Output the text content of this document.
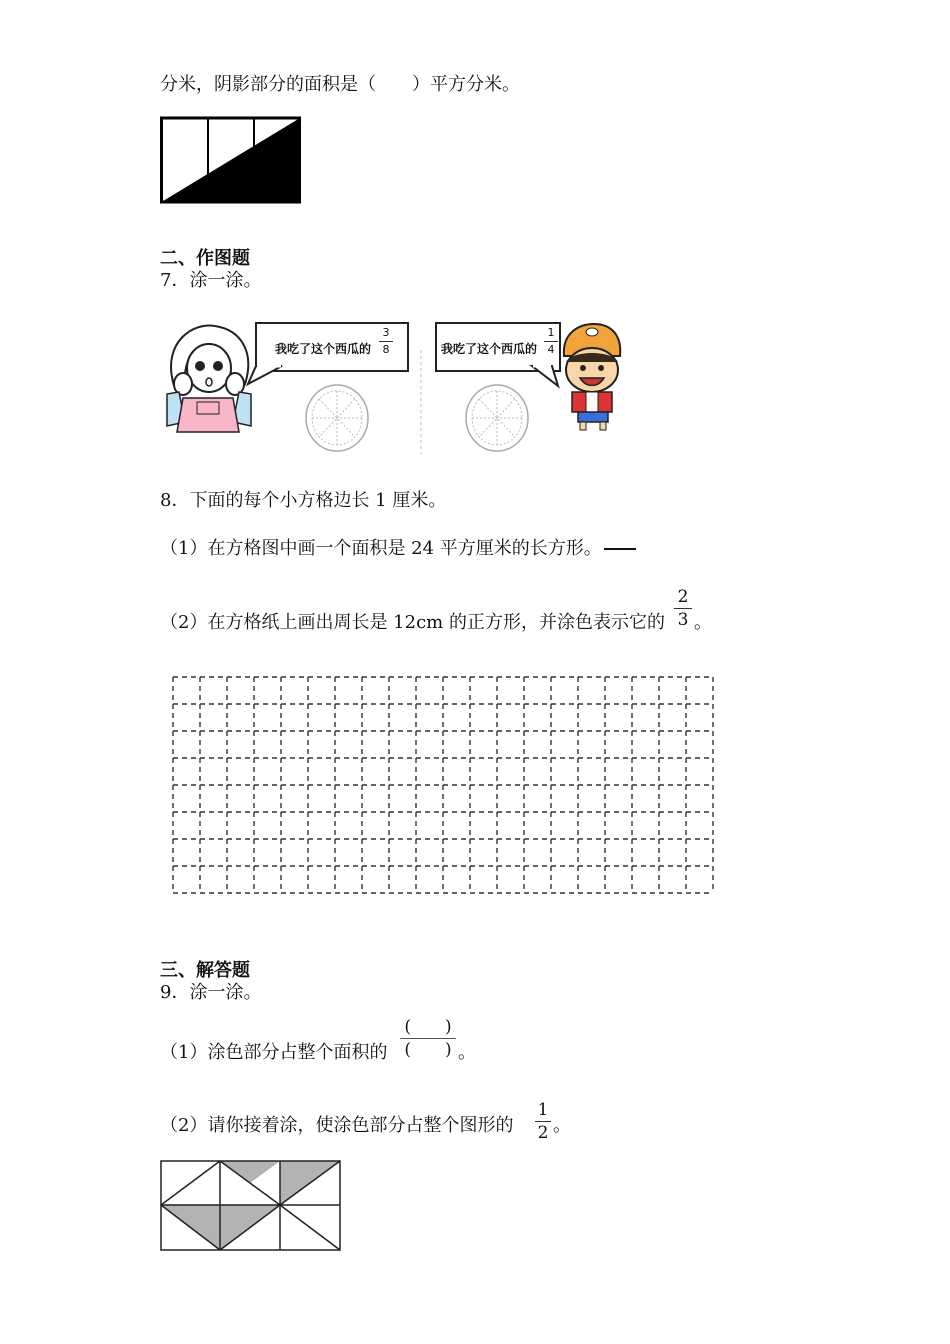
分米，阴影部分的面积是（　　）平方分米。
二、作图题
7．涂一涂。
我吃了这个西瓜的
3
8	我吃了这个西瓜的
1
4
8．下面的每个小方格边长 1 厘米。
（1）在方格图中画一个面积是 24 平方厘米的长方形。
（2）在方格纸上画出周长是 12cm 的正方形，并涂色表示它的
2
3 。
三、解答题
9．涂一涂。
（1）涂色部分占整个面积的
(　　)
(　　) 。
（2）请你接着涂，使涂色部分占整个图形的
1
2 。
